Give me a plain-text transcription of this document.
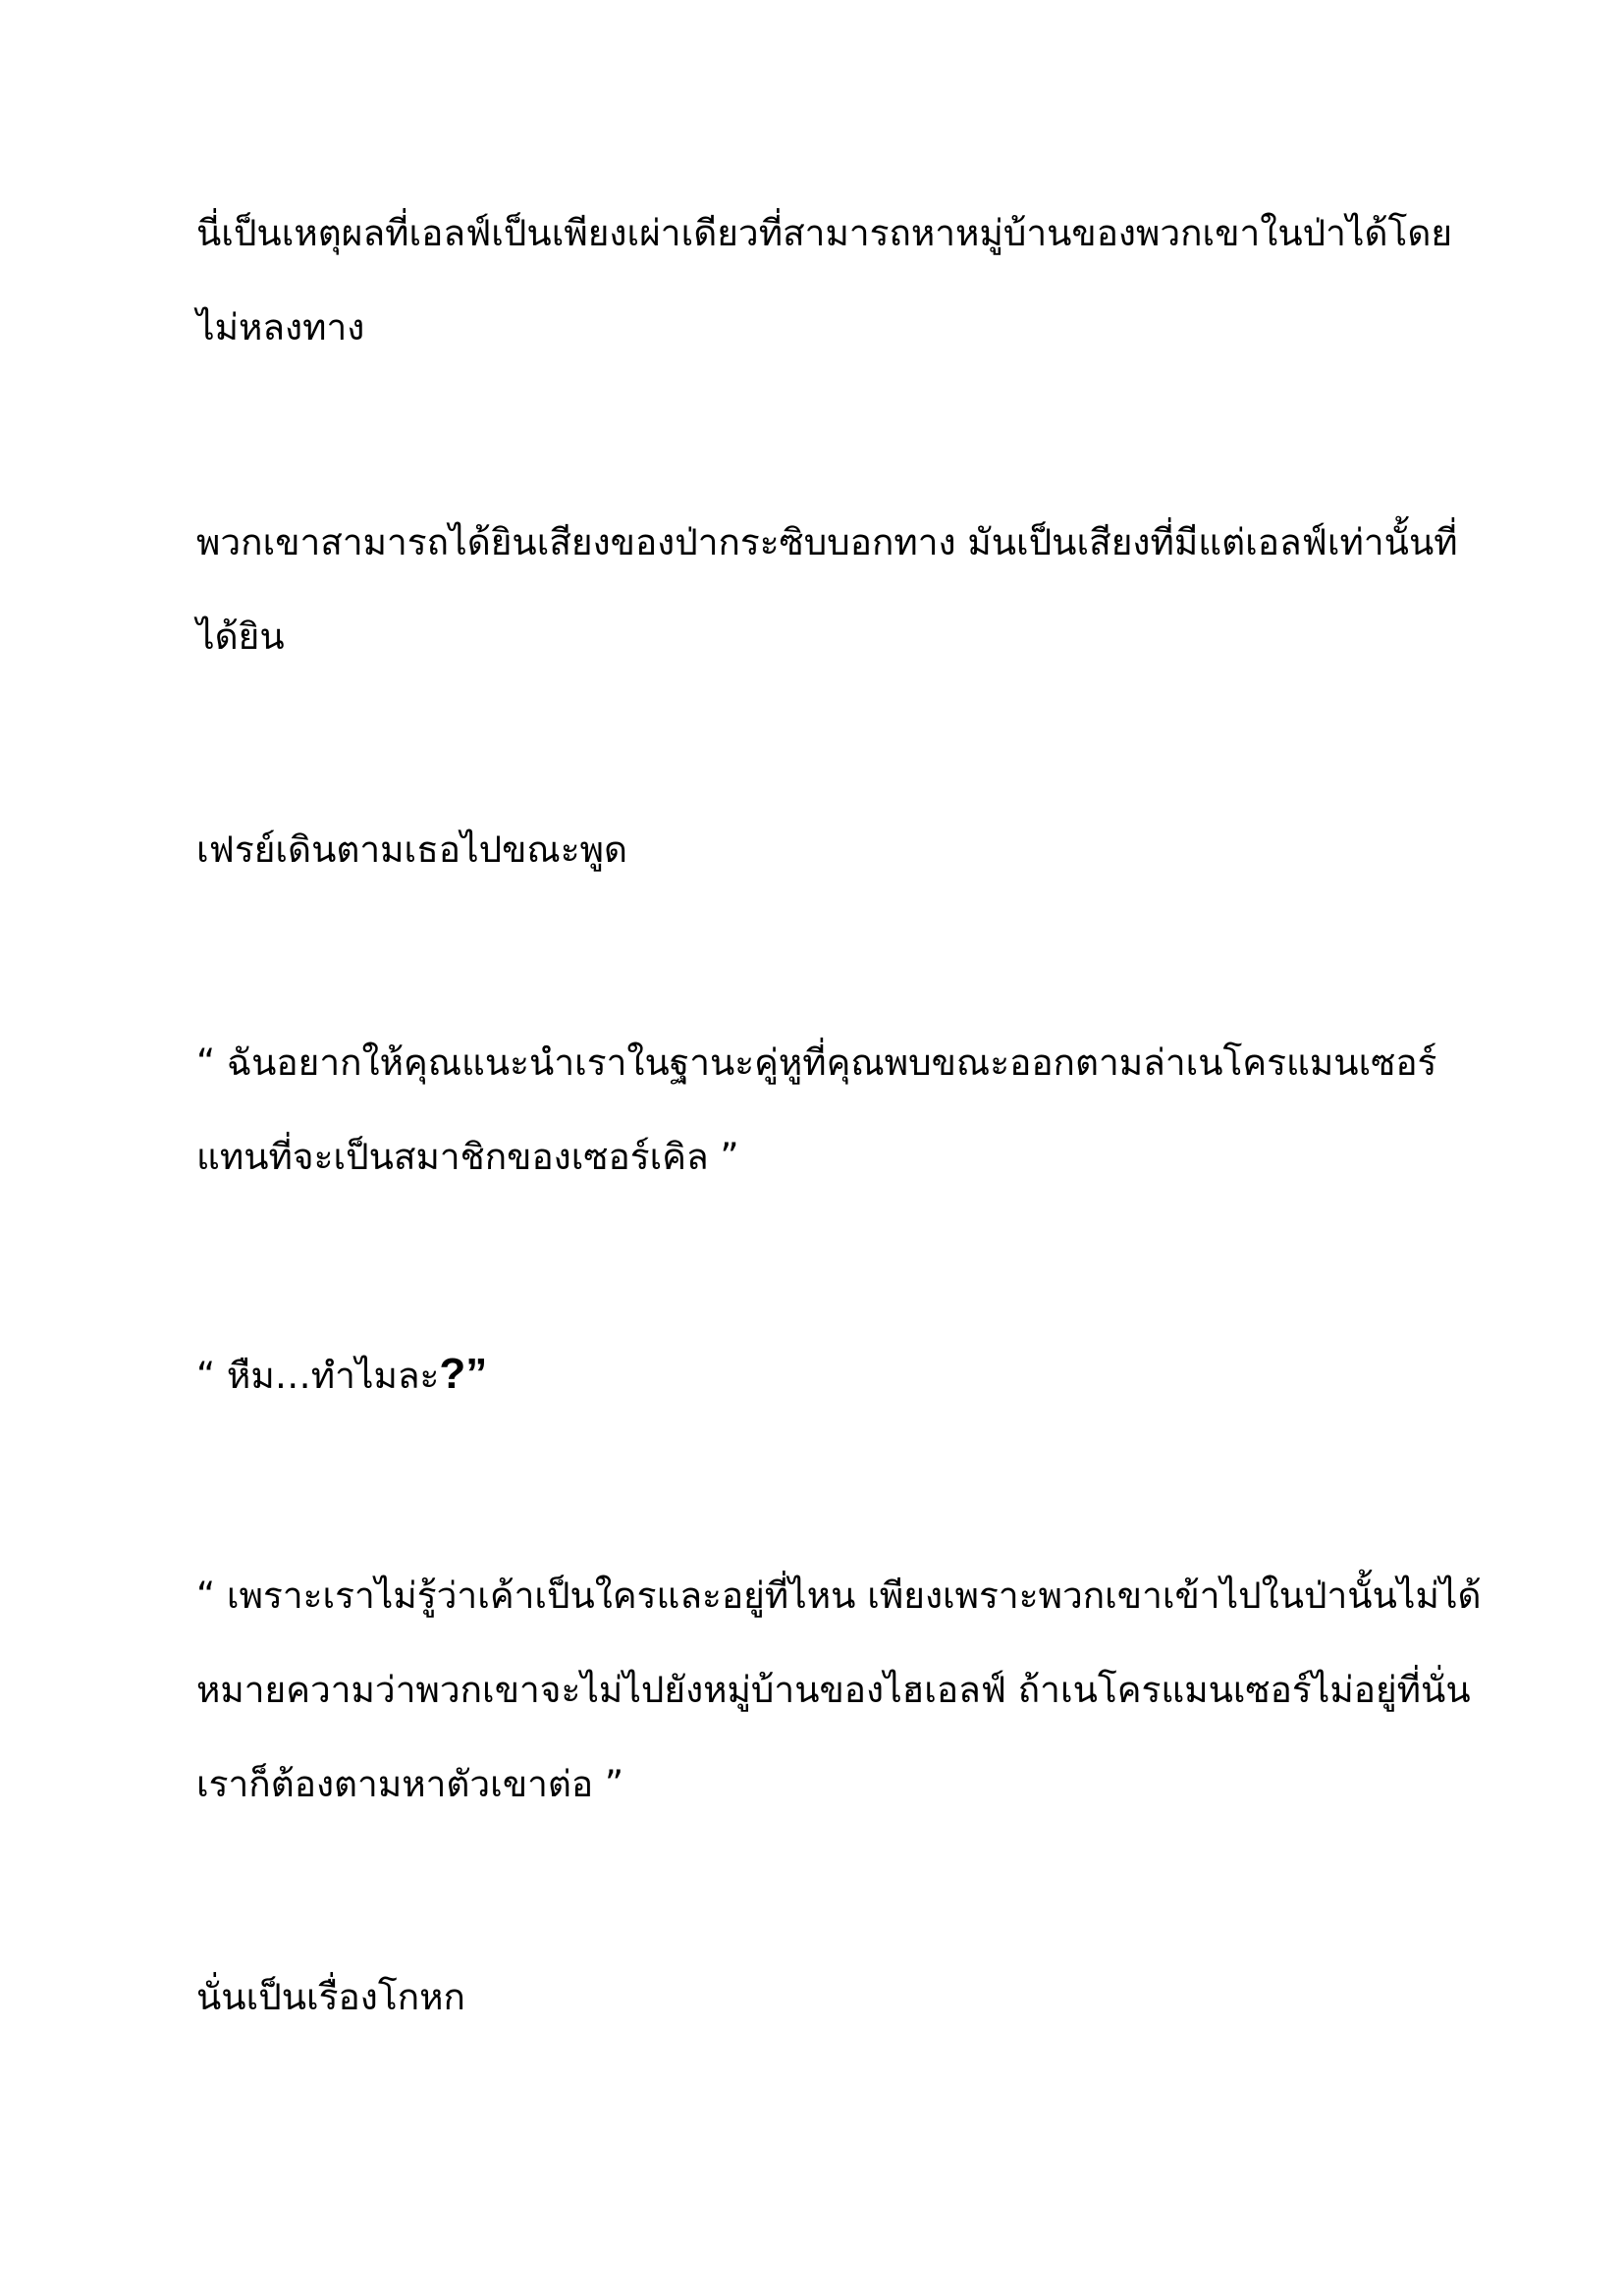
นี่เป็นเหตุผลที่เอลฟ์เป็นเพียงเผ่าเดียวที่สามารถหาหมู่บ้านของพวกเขาในป่าได้โดย
ไม่หลงทาง

พวกเขาสามารถได้ยินเสียงของป่ากระซิบบอกทาง มันเป็นเสียงที่มีแต่เอลฟ์เท่านั้นที่
ได้ยิน

เฟรย์เดินตามเธอไปขณะพูด

“ ฉันอยากให้คุณแนะนำเราในฐานะคู่หูที่คุณพบขณะออกตามล่าเนโครแมนเซอร์
แทนที่จะเป็นสมาชิกของเซอร์เคิล ”

“ หืม…ทำไมละ?”

“ เพราะเราไม่รู้ว่าเค้าเป็นใครและอยู่ที่ไหน เพียงเพราะพวกเขาเข้าไปในป่านั้นไม่ได้
หมายความว่าพวกเขาจะไม่ไปยังหมู่บ้านของไฮเอลฟ์ ถ้าเนโครแมนเซอร์ไม่อยู่ที่นั่น
เราก็ต้องตามหาตัวเขาต่อ ”

นั่นเป็นเรื่องโกหก
